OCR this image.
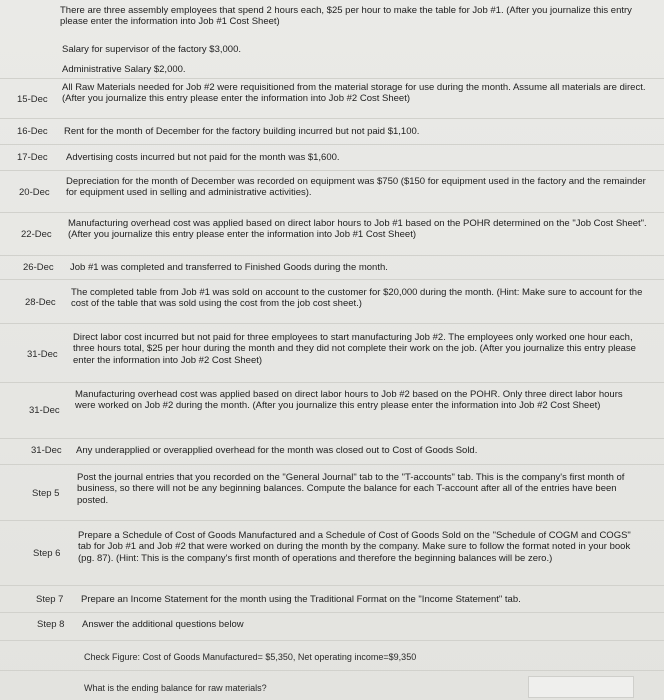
There are three assembly employees that spend 2 hours each, $25 per hour to make the table for Job #1. (After you journalize this entry please enter the information into Job #1 Cost Sheet)
Salary for supervisor of the factory $3,000.
Administrative Salary $2,000.
15-Dec
All Raw Materials needed for Job #2 were requisitioned from the material storage for use during the month. Assume all materials are direct. (After you journalize this entry please enter the information into Job #2 Cost Sheet)
16-Dec Rent for the month of December for the factory building incurred but not paid $1,100.
17-Dec Advertising costs incurred but not paid for the month was $1,600.
20-Dec
Depreciation for the month of December was recorded on equipment was $750 ($150 for equipment used in the factory and the remainder for equipment used in selling and administrative activities).
22-Dec
Manufacturing overhead cost was applied based on direct labor hours to Job #1 based on the POHR determined on the "Job Cost Sheet". (After you journalize this entry please enter the information into Job #1 Cost Sheet)
26-Dec Job #1 was completed and transferred to Finished Goods during the month.
28-Dec
The completed table from Job #1 was sold on account to the customer for $20,000 during the month. (Hint: Make sure to account for the cost of the table that was sold using the cost from the job cost sheet.)
31-Dec
Direct labor cost incurred but not paid for three employees to start manufacturing Job #2. The employees only worked one hour each, three hours total, $25 per hour during the month and they did not complete their work on the job. (After you journalize this entry please enter the information into Job #2 Cost Sheet)
31-Dec
Manufacturing overhead cost was applied based on direct labor hours to Job #2 based on the POHR. Only three direct labor hours were worked on Job #2 during the month. (After you journalize this entry please enter the information into Job #2 Cost Sheet)
31-Dec Any underapplied or overapplied overhead for the month was closed out to Cost of Goods Sold.
Step 5
Post the journal entries that you recorded on the "General Journal" tab to the "T-accounts" tab. This is the company's first month of business, so there will not be any beginning balances. Compute the balance for each T-account after all of the entries have been posted.
Step 6
Prepare a Schedule of Cost of Goods Manufactured and a Schedule of Cost of Goods Sold on the "Schedule of COGM and COGS" tab for Job #1 and Job #2 that were worked on during the month by the company. Make sure to follow the format noted in your book (pg. 87). (Hint: This is the company's first month of operations and therefore the beginning balances will be zero.)
Step 7 Prepare an Income Statement for the month using the Traditional Format on the "Income Statement" tab.
Step 8 Answer the additional questions below
Check Figure: Cost of Goods Manufactured= $5,350, Net operating income=$9,350
What is the ending balance for raw materials?
